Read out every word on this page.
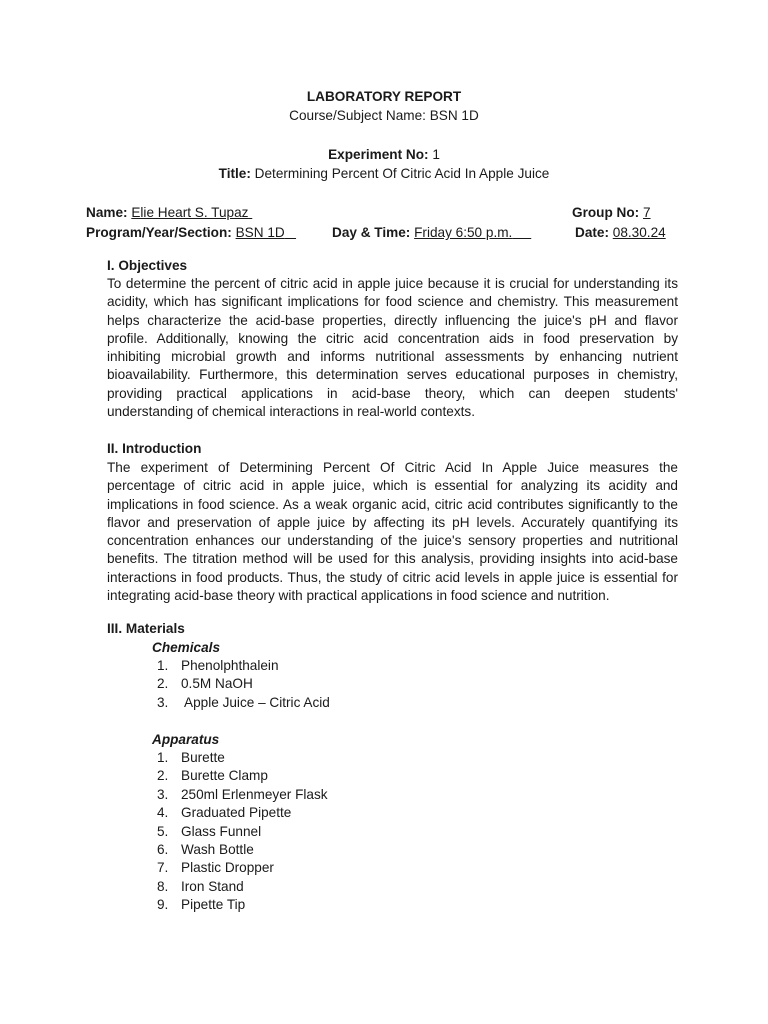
LABORATORY REPORT
Course/Subject Name: BSN 1D
Experiment No: 1
Title: Determining Percent Of Citric Acid In Apple Juice
Name: Elie Heart S. Tupaz	Group No: 7
Program/Year/Section: BSN 1D	Day & Time: Friday 6:50 p.m.	Date: 08.30.24
I. Objectives
To determine the percent of citric acid in apple juice because it is crucial for understanding its
acidity, which has significant implications for food science and chemistry. This measurement
helps characterize the acid-base properties, directly influencing the juice's pH and flavor
profile. Additionally, knowing the citric acid concentration aids in food preservation by
inhibiting microbial growth and informs nutritional assessments by enhancing nutrient
bioavailability. Furthermore, this determination serves educational purposes in chemistry,
providing practical applications in acid-base theory, which can deepen students'
understanding of chemical interactions in real-world contexts.
II. Introduction
The experiment of Determining Percent Of Citric Acid In Apple Juice measures the
percentage of citric acid in apple juice, which is essential for analyzing its acidity and
implications in food science. As a weak organic acid, citric acid contributes significantly to the
flavor and preservation of apple juice by affecting its pH levels. Accurately quantifying its
concentration enhances our understanding of the juice's sensory properties and nutritional
benefits. The titration method will be used for this analysis, providing insights into acid-base
interactions in food products. Thus, the study of citric acid levels in apple juice is essential for
integrating acid-base theory with practical applications in food science and nutrition.
III. Materials
Chemicals
1. Phenolphthalein
2. 0.5M NaOH
3. Apple Juice – Citric Acid
Apparatus
1. Burette
2. Burette Clamp
3. 250ml Erlenmeyer Flask
4. Graduated Pipette
5. Glass Funnel
6. Wash Bottle
7. Plastic Dropper
8. Iron Stand
9. Pipette Tip
